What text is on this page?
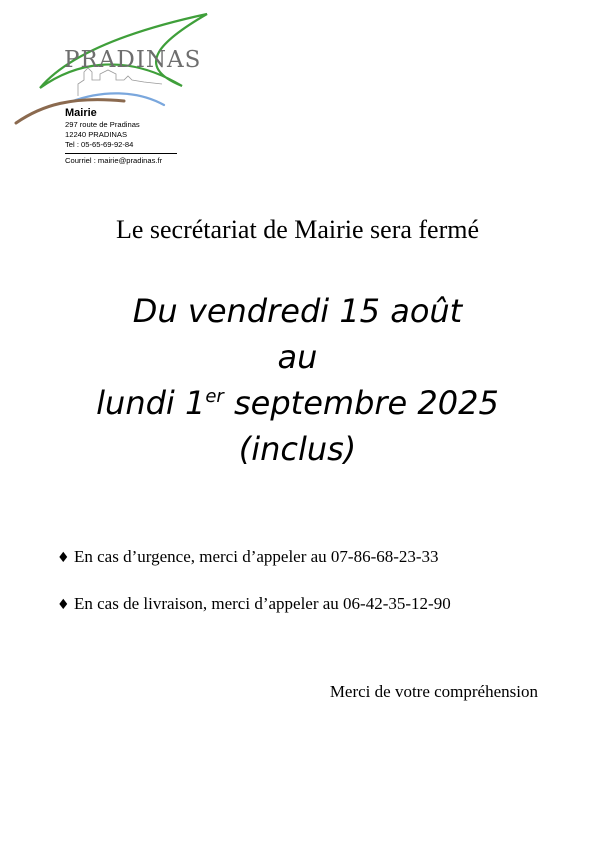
PRADINAS
Mairie
297 route de Pradinas
12240 PRADINAS
Tel : 05-65-69-92-84
Courriel : mairie@pradinas.fr
Le secrétariat de Mairie sera fermé
Du vendredi 15 août
au
lundi 1er septembre 2025
(inclus)
♦ En cas d’urgence, merci d’appeler au 07-86-68-23-33
♦ En cas de livraison, merci d’appeler au 06-42-35-12-90
Merci de votre compréhension
